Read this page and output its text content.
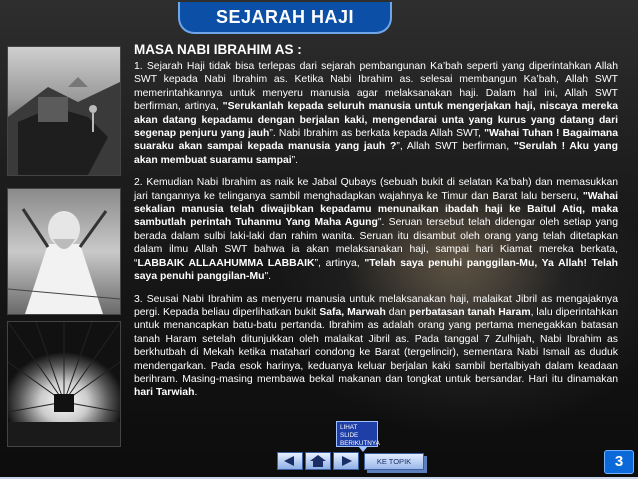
SEJARAH HAJI
MASA NABI IBRAHIM AS :

1. Sejarah Haji tidak bisa terlepas dari sejarah pembangunan Ka’bah seperti yang diperintahkan Allah SWT kepada Nabi Ibrahim as. Ketika Nabi Ibrahim as. selesai membangun Ka’bah, Allah SWT memerintahkannya untuk menyeru manusia agar melaksanakan haji. Dalam hal ini, Allah SWT berfirman, artinya, "Serukanlah kepada seluruh manusia untuk mengerjakan haji, niscaya mereka akan datang kepadamu dengan berjalan kaki, mengendarai unta yang kurus yang datang dari segenap penjuru yang jauh”. Nabi Ibrahim as berkata kepada Allah SWT, "Wahai Tuhan ! Bagaimana suaraku akan sampai kepada manusia yang jauh ?”, Allah SWT berfirman, "Serulah ! Aku yang akan membuat suaramu sampai”.

2. Kemudian Nabi Ibrahim as naik ke Jabal Qubays (sebuah bukit di selatan Ka’bah) dan memasukkan jari tangannya ke telinganya sambil menghadapkan wajahnya ke Timur dan Barat lalu berseru, "Wahai sekalian manusia telah diwajibkan kepadamu menunaikan ibadah haji ke Baitul Atiq, maka sambutlah perintah Tuhanmu Yang Maha Agung". Seruan tersebut telah didengar oleh setiap yang berada dalam sulbi laki-laki dan rahim wanita. Seruan itu disambut oleh orang yang telah ditetapkan dalam ilmu Allah SWT bahwa ia akan melaksanakan haji, sampai hari Kiamat mereka berkata, “LABBAIK ALLAAHUMMA LABBAIK”, artinya, "Telah saya penuhi panggilan-Mu, Ya Allah! Telah saya penuhi panggilan-Mu".

3. Seusai Nabi Ibrahim as menyeru manusia untuk melaksanakan haji, malaikat Jibril as mengajaknya pergi. Kepada beliau diperlihatkan bukit Safa, Marwah dan perbatasan tanah Haram, lalu diperintahkan untuk menancapkan batu-batu pertanda. Ibrahim as adalah orang yang pertama menegakkan batasan tanah Haram setelah ditunjukkan oleh malaikat Jibril as. Pada tanggal 7 Zulhijah, Nabi Ibrahim as berkhutbah di Mekah ketika matahari condong ke Barat (tergelincir), sementara Nabi Ismail as duduk mendengarkan. Pada esok harinya, keduanya keluar berjalan kaki sambil bertalbiyah dalam keadaan berihram. Masing-masing membawa bekal makanan dan tongkat untuk bersandar. Hari itu dinamakan hari Tarwiah.

LIHAT SLIDE BERIKUTNYA
KE TOPIK	3
